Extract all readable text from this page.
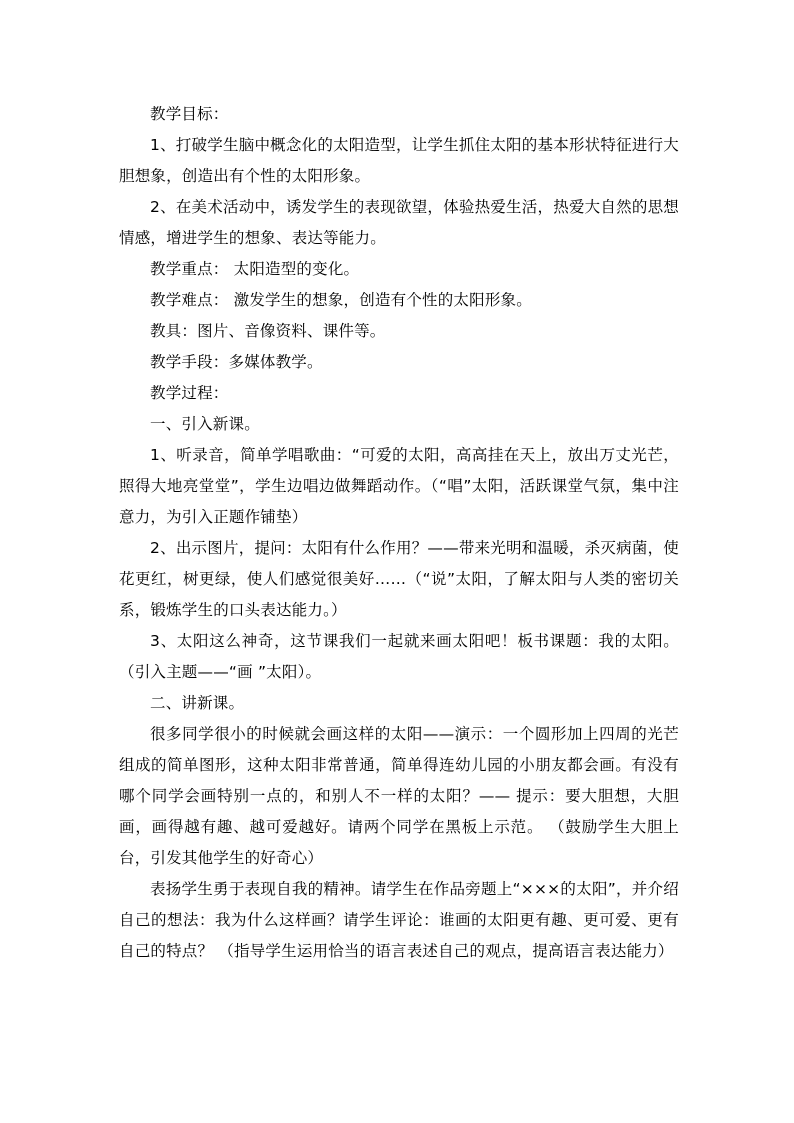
教学目标：

1、打破学生脑中概念化的太阳造型，让学生抓住太阳的基本形状特征进行大胆想象，创造出有个性的太阳形象。

2、在美术活动中，诱发学生的表现欲望，体验热爱生活，热爱大自然的思想情感，增进学生的想象、表达等能力。

教学重点： 太阳造型的变化。

教学难点： 激发学生的想象，创造有个性的太阳形象。

教具：图片、音像资料、课件等。

教学手段：多媒体教学。

教学过程：

一、引入新课。

1、听录音，简单学唱歌曲：“可爱的太阳，高高挂在天上，放出万丈光芒，照得大地亮堂堂”，学生边唱边做舞蹈动作。（“唱”太阳，活跃课堂气氛，集中注意力，为引入正题作铺垫）

2、出示图片，提问：太阳有什么作用？——带来光明和温暖，杀灭病菌，使花更红，树更绿，使人们感觉很美好……（“说”太阳，了解太阳与人类的密切关系，锻炼学生的口头表达能力。）

3、太阳这么神奇，这节课我们一起就来画太阳吧！板书课题：我的太阳。（引入主题——“画 ”太阳）。

二、讲新课。

很多同学很小的时候就会画这样的太阳——演示：一个圆形加上四周的光芒组成的简单图形，这种太阳非常普通，简单得连幼儿园的小朋友都会画。有没有哪个同学会画特别一点的，和别人不一样的太阳？—— 提示：要大胆想，大胆画，画得越有趣、越可爱越好。请两个同学在黑板上示范。 （鼓励学生大胆上台，引发其他学生的好奇心）

表扬学生勇于表现自我的精神。请学生在作品旁题上“×××的太阳”，并介绍自己的想法：我为什么这样画？请学生评论：谁画的太阳更有趣、更可爱、更有自己的特点？ （指导学生运用恰当的语言表述自己的观点，提高语言表达能力）
